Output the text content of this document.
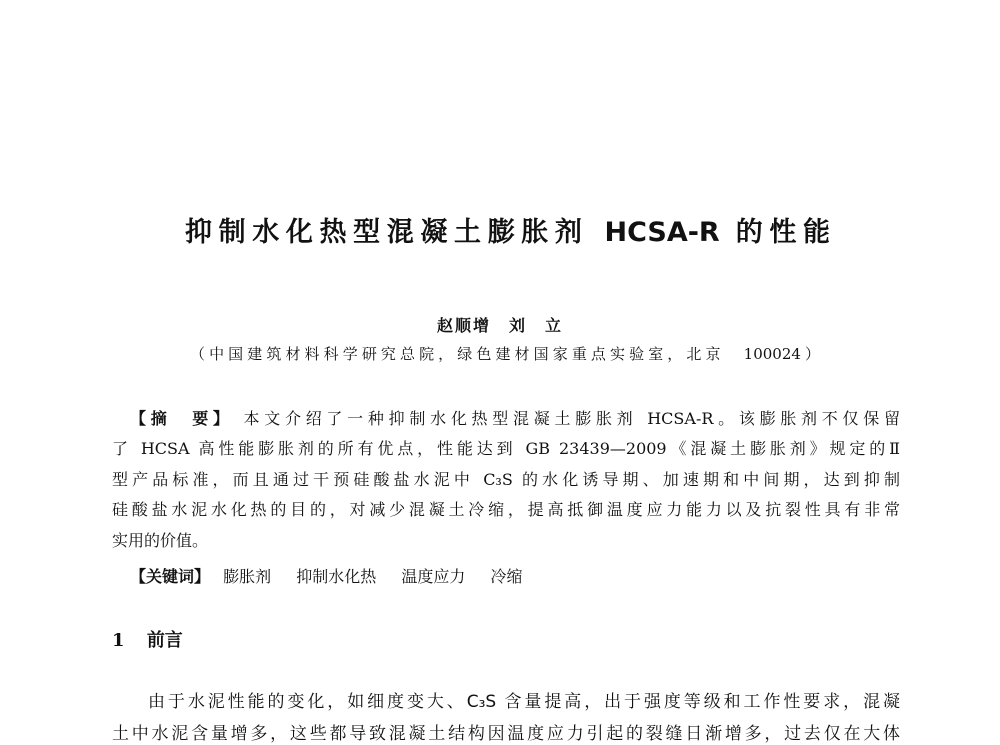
抑制水化热型混凝土膨胀剂 HCSA-R 的性能
赵顺增　刘　立
（中国建筑材料科学研究总院，绿色建材国家重点实验室，北京　100024）
【摘　要】 本文介绍了一种抑制水化热型混凝土膨胀剂 HCSA-R。该膨胀剂不仅保留
了 HCSA 高性能膨胀剂的所有优点，性能达到 GB 23439—2009《混凝土膨胀剂》规定的Ⅱ
型产品标准，而且通过干预硅酸盐水泥中 C₃S 的水化诱导期、加速期和中间期，达到抑制
硅酸盐水泥水化热的目的，对减少混凝土冷缩，提高抵御温度应力能力以及抗裂性具有非常
实用的价值。
【关键词】 膨胀剂 抑制水化热 温度应力 冷缩
1 前言
由于水泥性能的变化，如细度变大、C₃S 含量提高，出于强度等级和工作性要求，混凝
土中水泥含量增多，这些都导致混凝土结构因温度应力引起的裂缝日渐增多，过去仅在大体
